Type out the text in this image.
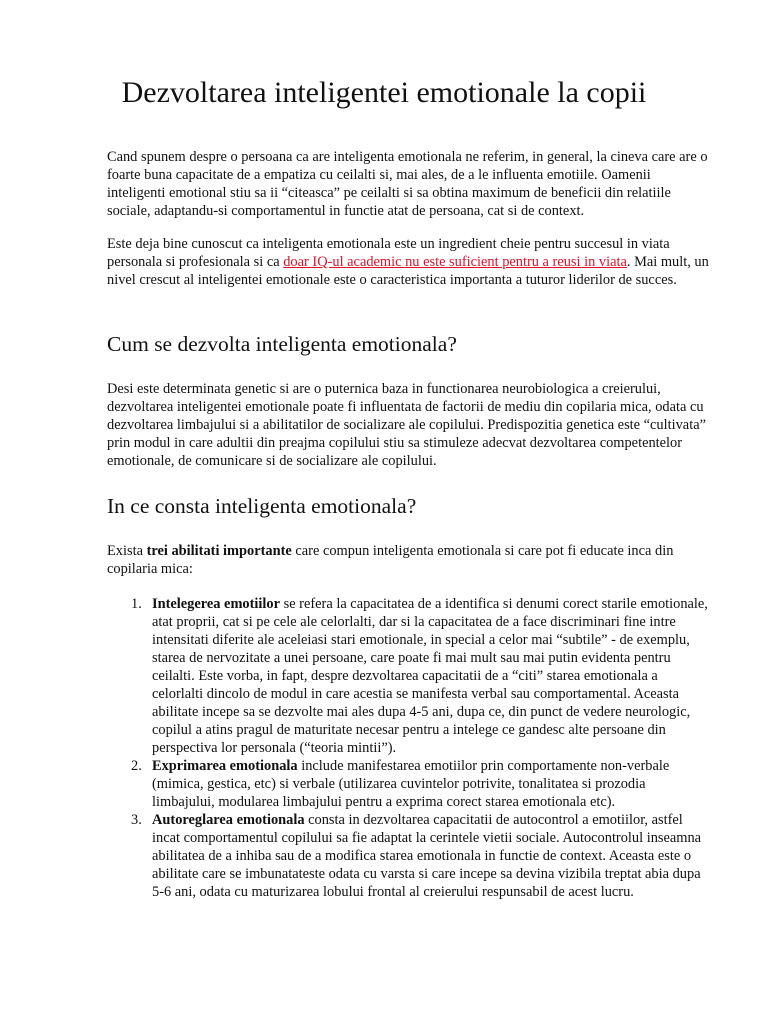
Dezvoltarea inteligentei emotionale la copii

Cand spunem despre o persoana ca are inteligenta emotionala ne referim, in general, la cineva care are o foarte buna capacitate de a empatiza cu ceilalti si, mai ales, de a le influenta emotiile. Oamenii inteligenti emotional stiu sa ii “citeasca” pe ceilalti si sa obtina maximum de beneficii din relatiile sociale, adaptandu-si comportamentul in functie atat de persoana, cat si de context.

Este deja bine cunoscut ca inteligenta emotionala este un ingredient cheie pentru succesul in viata personala si profesionala si ca doar IQ-ul academic nu este suficient pentru a reusi in viata. Mai mult, un nivel crescut al inteligentei emotionale este o caracteristica importanta a tuturor liderilor de succes.

Cum se dezvolta inteligenta emotionala?

Desi este determinata genetic si are o puternica baza in functionarea neurobiologica a creierului, dezvoltarea inteligentei emotionale poate fi influentata de factorii de mediu din copilaria mica, odata cu dezvoltarea limbajului si a abilitatilor de socializare ale copilului. Predispozitia genetica este “cultivata” prin modul in care adultii din preajma copilului stiu sa stimuleze adecvat dezvoltarea competentelor emotionale, de comunicare si de socializare ale copilului.

In ce consta inteligenta emotionala?

Exista trei abilitati importante care compun inteligenta emotionala si care pot fi educate inca din copilaria mica:

1. Intelegerea emotiilor se refera la capacitatea de a identifica si denumi corect starile emotionale, atat proprii, cat si pe cele ale celorlalti, dar si la capacitatea de a face discriminari fine intre intensitati diferite ale aceleiasi stari emotionale, in special a celor mai “subtile” - de exemplu, starea de nervozitate a unei persoane, care poate fi mai mult sau mai putin evidenta pentru ceilalti. Este vorba, in fapt, despre dezvoltarea capacitatii de a “citi” starea emotionala a celorlalti dincolo de modul in care acestia se manifesta verbal sau comportamental. Aceasta abilitate incepe sa se dezvolte mai ales dupa 4-5 ani, dupa ce, din punct de vedere neurologic, copilul a atins pragul de maturitate necesar pentru a intelege ce gandesc alte persoane din perspectiva lor personala (“teoria mintii”).
2. Exprimarea emotionala include manifestarea emotiilor prin comportamente non-verbale (mimica, gestica, etc) si verbale (utilizarea cuvintelor potrivite, tonalitatea si prozodia limbajului, modularea limbajului pentru a exprima corect starea emotionala etc).
3. Autoreglarea emotionala consta in dezvoltarea capacitatii de autocontrol a emotiilor, astfel incat comportamentul copilului sa fie adaptat la cerintele vietii sociale. Autocontrolul inseamna abilitatea de a inhiba sau de a modifica starea emotionala in functie de context. Aceasta este o abilitate care se imbunatateste odata cu varsta si care incepe sa devina vizibila treptat abia dupa 5-6 ani, odata cu maturizarea lobului frontal al creierului respunsabil de acest lucru.
